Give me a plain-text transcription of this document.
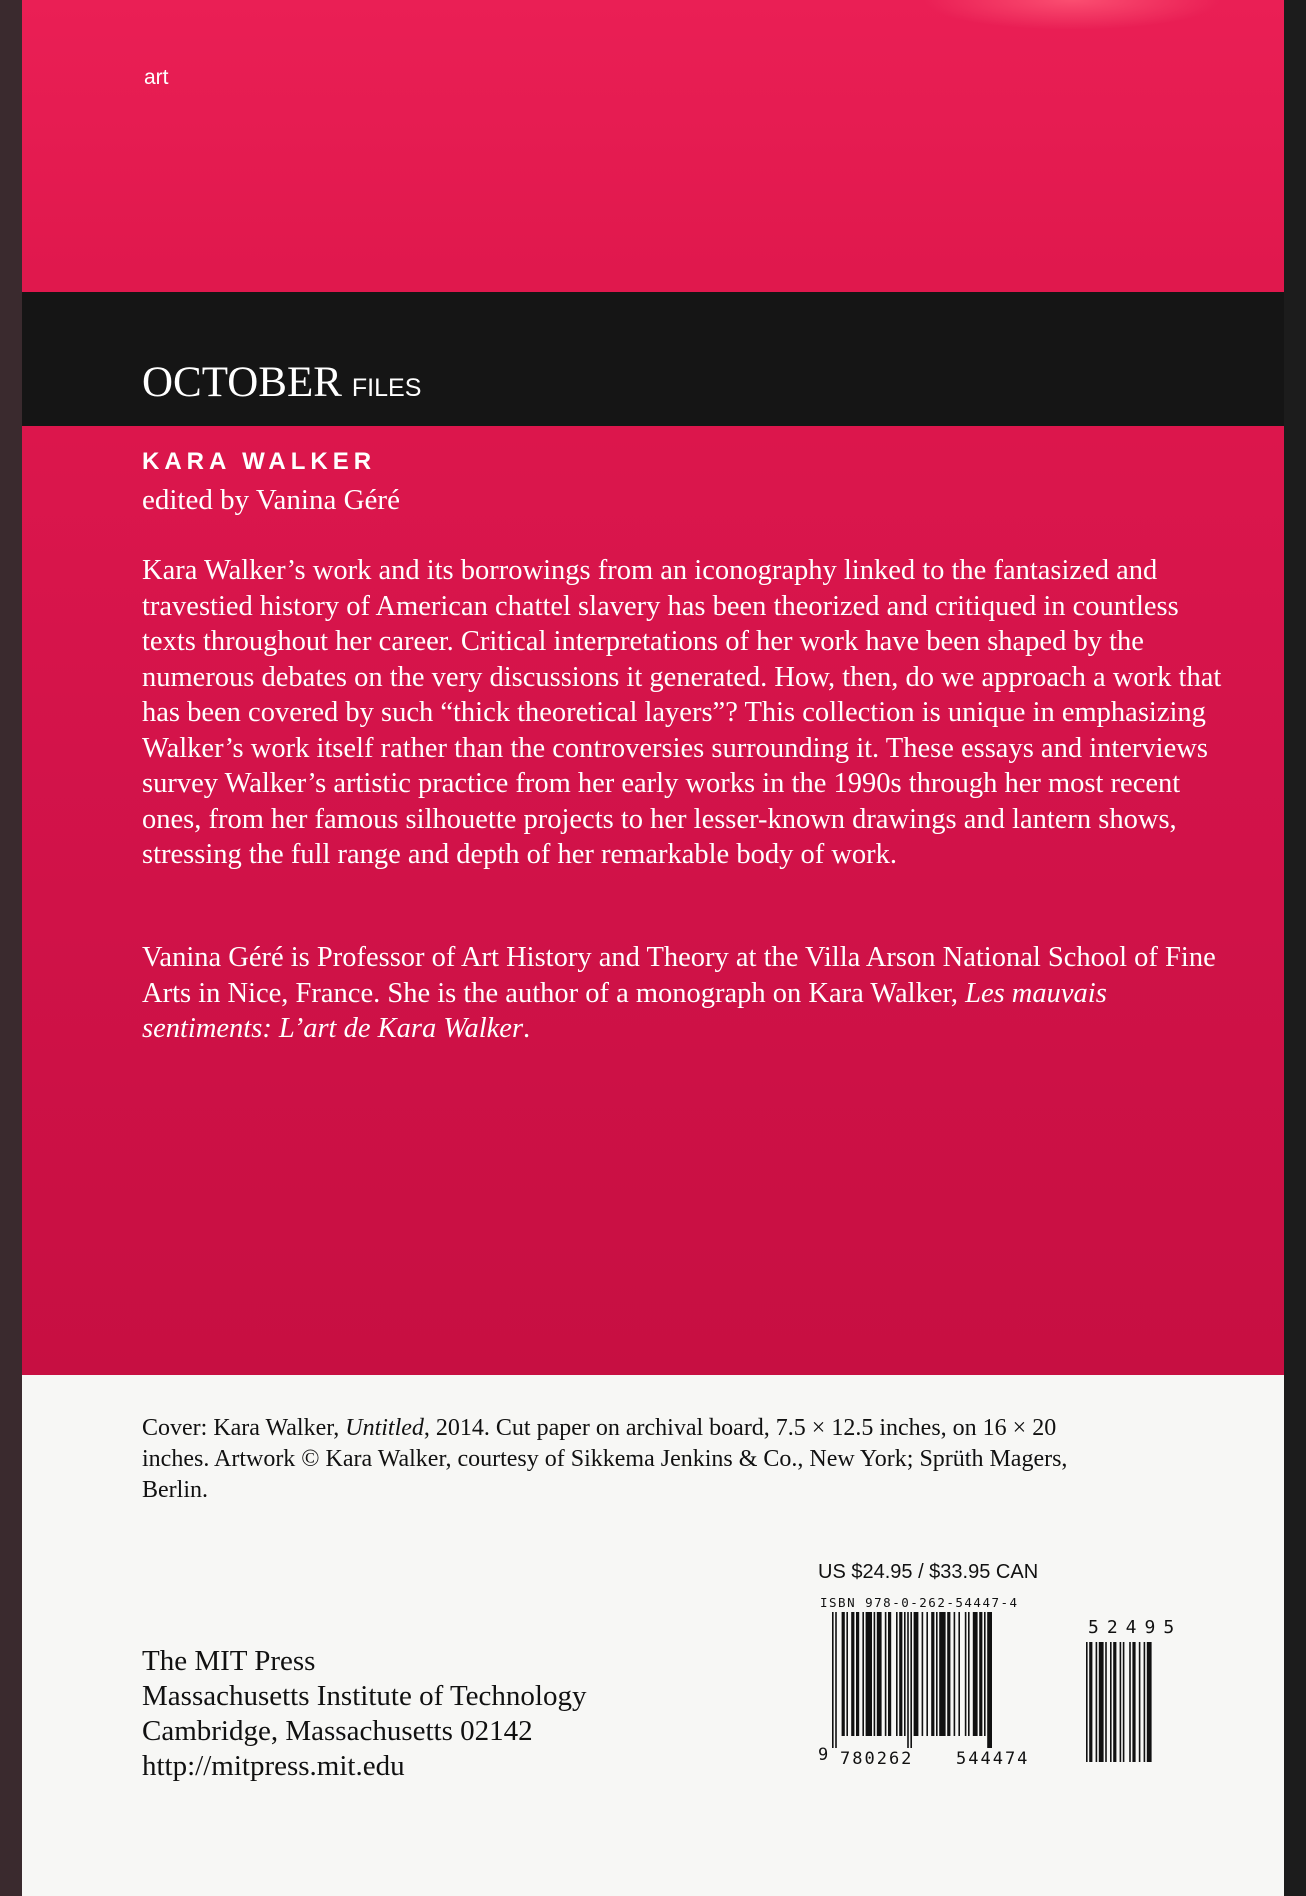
art
OCTOBER FILES
KARA WALKER
edited by Vanina Géré

Kara Walker’s work and its borrowings from an iconography linked to the fantasized and travestied history of American chattel slavery has been theorized and critiqued in countless texts throughout her career. Critical interpretations of her work have been shaped by the numerous debates on the very discussions it generated. How, then, do we approach a work that has been covered by such “thick theoretical layers”? This collection is unique in emphasizing Walker’s work itself rather than the controversies surrounding it. These essays and interviews survey Walker’s artistic practice from her early works in the 1990s through her most recent ones, from her famous silhouette projects to her lesser-known drawings and lantern shows, stressing the full range and depth of her remarkable body of work.

Vanina Géré is Professor of Art History and Theory at the Villa Arson National School of Fine Arts in Nice, France. She is the author of a monograph on Kara Walker, Les mauvais sentiments: L’art de Kara Walker.

Cover: Kara Walker, Untitled, 2014. Cut paper on archival board, 7.5 × 12.5 inches, on 16 × 20 inches. Artwork © Kara Walker, courtesy of Sikkema Jenkins & Co., New York; Sprüth Magers, Berlin.

The MIT Press
Massachusetts Institute of Technology
Cambridge, Massachusetts 02142
http://mitpress.mit.edu
US $24.95 / $33.95 CAN
ISBN 978-0-262-54447-4
9 780262	544474
52495
